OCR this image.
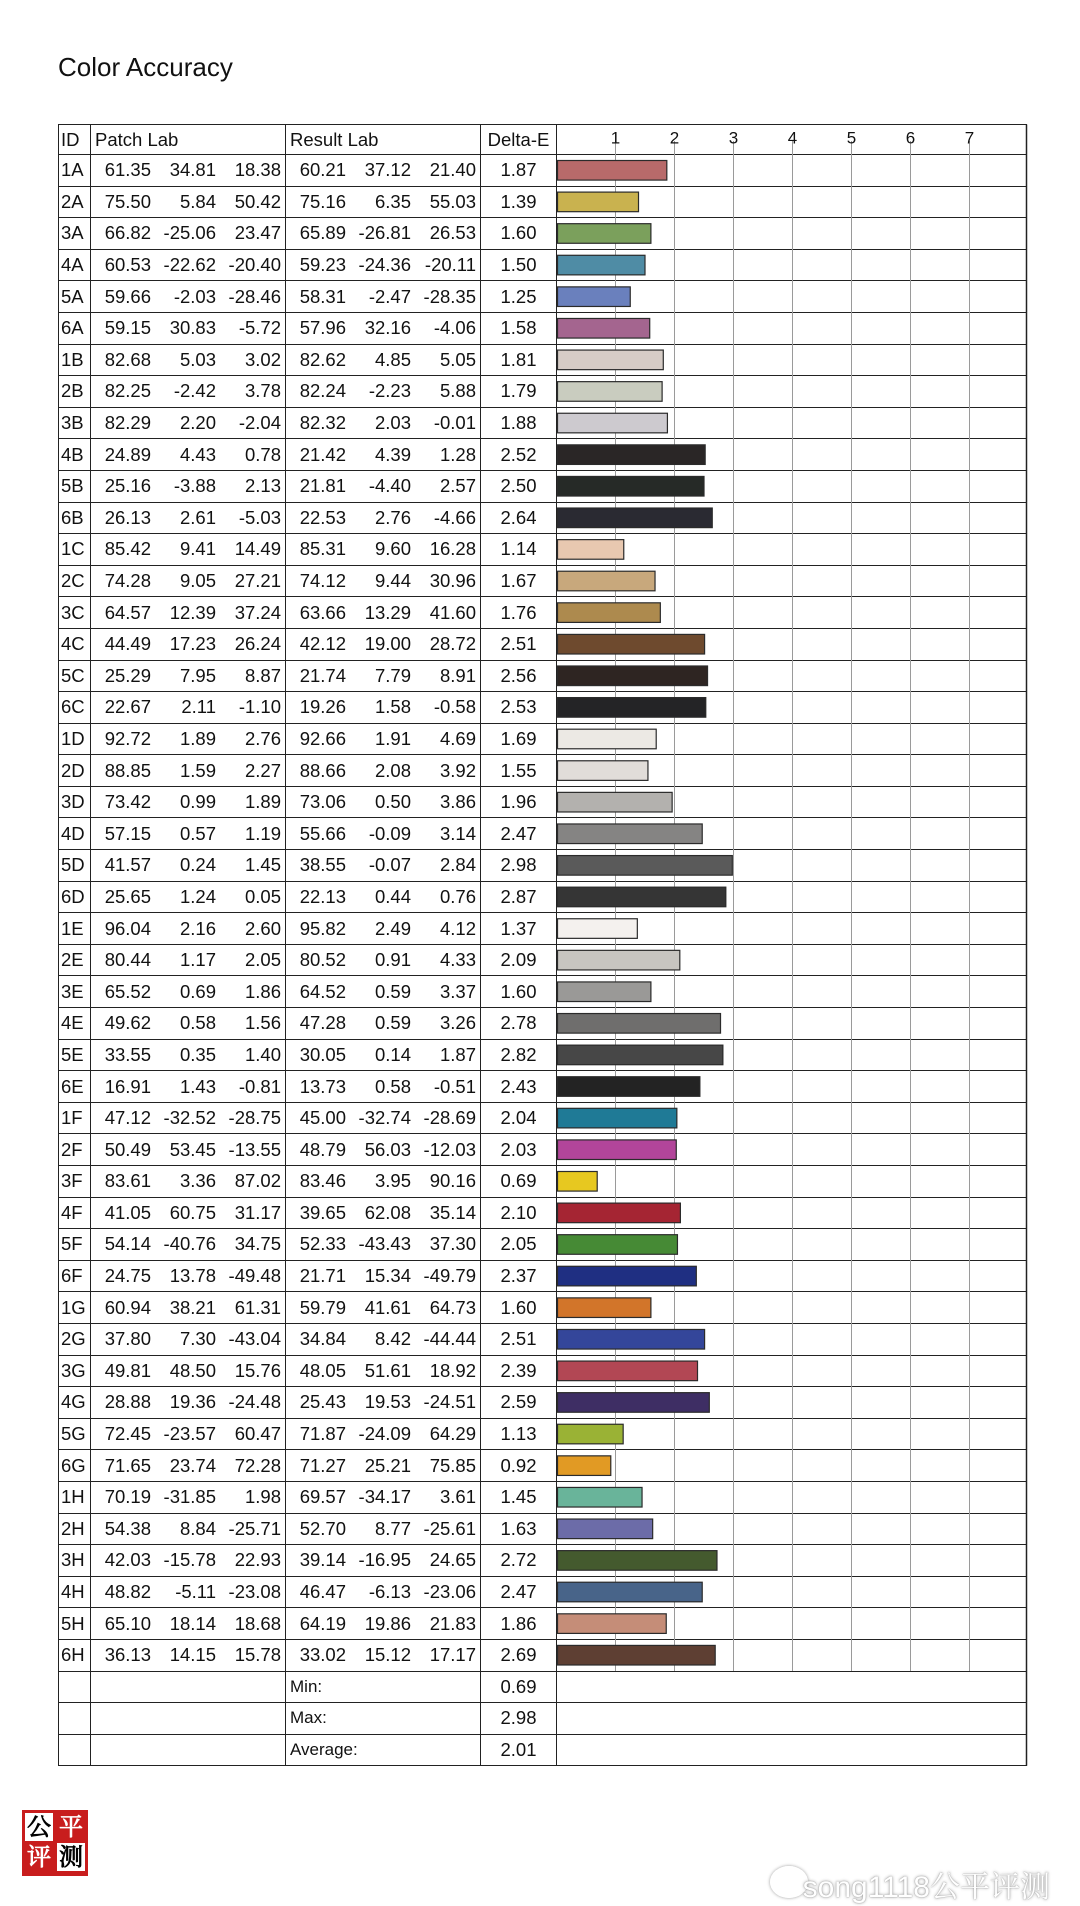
Color Accuracy
ID	Patch Lab	Result Lab	Delta-E	
1A	61.35 34.81 18.38	60.21 37.12 21.40	1.87	
2A	75.50 5.84 50.42	75.16 6.35 55.03	1.39	
3A	66.82 -25.06 23.47	65.89 -26.81 26.53	1.60	
4A	60.53 -22.62 -20.40	59.23 -24.36 -20.11	1.50	
5A	59.66 -2.03 -28.46	58.31 -2.47 -28.35	1.25	
6A	59.15 30.83 -5.72	57.96 32.16 -4.06	1.58	
1B	82.68 5.03 3.02	82.62 4.85 5.05	1.81	
2B	82.25 -2.42 3.78	82.24 -2.23 5.88	1.79	
3B	82.29 2.20 -2.04	82.32 2.03 -0.01	1.88	
4B	24.89 4.43 0.78	21.42 4.39 1.28	2.52	
5B	25.16 -3.88 2.13	21.81 -4.40 2.57	2.50	
6B	26.13 2.61 -5.03	22.53 2.76 -4.66	2.64	
1C	85.42 9.41 14.49	85.31 9.60 16.28	1.14	
2C	74.28 9.05 27.21	74.12 9.44 30.96	1.67	
3C	64.57 12.39 37.24	63.66 13.29 41.60	1.76	
4C	44.49 17.23 26.24	42.12 19.00 28.72	2.51	
5C	25.29 7.95 8.87	21.74 7.79 8.91	2.56	
6C	22.67 2.11 -1.10	19.26 1.58 -0.58	2.53	
1D	92.72 1.89 2.76	92.66 1.91 4.69	1.69	
2D	88.85 1.59 2.27	88.66 2.08 3.92	1.55	
3D	73.42 0.99 1.89	73.06 0.50 3.86	1.96	
4D	57.15 0.57 1.19	55.66 -0.09 3.14	2.47	
5D	41.57 0.24 1.45	38.55 -0.07 2.84	2.98	
6D	25.65 1.24 0.05	22.13 0.44 0.76	2.87	
1E	96.04 2.16 2.60	95.82 2.49 4.12	1.37	
2E	80.44 1.17 2.05	80.52 0.91 4.33	2.09	
3E	65.52 0.69 1.86	64.52 0.59 3.37	1.60	
4E	49.62 0.58 1.56	47.28 0.59 3.26	2.78	
5E	33.55 0.35 1.40	30.05 0.14 1.87	2.82	
6E	16.91 1.43 -0.81	13.73 0.58 -0.51	2.43	
1F	47.12 -32.52 -28.75	45.00 -32.74 -28.69	2.04	
2F	50.49 53.45 -13.55	48.79 56.03 -12.03	2.03	
3F	83.61 3.36 87.02	83.46 3.95 90.16	0.69	
4F	41.05 60.75 31.17	39.65 62.08 35.14	2.10	
5F	54.14 -40.76 34.75	52.33 -43.43 37.30	2.05	
6F	24.75 13.78 -49.48	21.71 15.34 -49.79	2.37	
1G	60.94 38.21 61.31	59.79 41.61 64.73	1.60	
2G	37.80 7.30 -43.04	34.84 8.42 -44.44	2.51	
3G	49.81 48.50 15.76	48.05 51.61 18.92	2.39	
4G	28.88 19.36 -24.48	25.43 19.53 -24.51	2.59	
5G	72.45 -23.57 60.47	71.87 -24.09 64.29	1.13	
6G	71.65 23.74 72.28	71.27 25.21 75.85	0.92	
1H	70.19 -31.85 1.98	69.57 -34.17 3.61	1.45	
2H	54.38 8.84 -25.71	52.70 8.77 -25.61	1.63	
3H	42.03 -15.78 22.93	39.14 -16.95 24.65	2.72	
4H	48.82 -5.11 -23.08	46.47 -6.13 -23.06	2.47	
5H	65.10 18.14 18.68	64.19 19.86 21.83	1.86	
6H	36.13 14.15 15.78	33.02 15.12 17.17	2.69	
		Min:	0.69	
		Max:	2.98	
		Average:	2.01	
1	2	3	4	5	6	7
公 平
评 测
song1118公平评测
